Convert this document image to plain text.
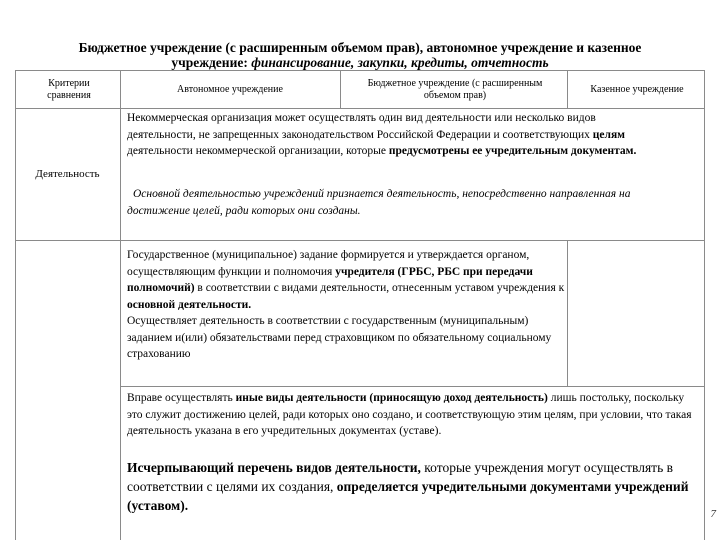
Бюджетное учреждение (с расширенным объемом прав), автономное учреждение и казенное
учреждение: финансирование, закупки, кредиты, отчетность
Критерии сравнения
Автономное учреждение
Бюджетное учреждение (с расширенным объемом прав)
Казенное учреждение
Деятельность
Некоммерческая организация может осуществлять один вид деятельности или несколько видов деятельности, не запрещенных законодательством Российской Федерации и соответствующих целям деятельности некоммерческой организации, которые предусмотрены ее учредительным документам.
Основной деятельностью учреждений признается деятельность, непосредственно направленная на достижение целей, ради которых они созданы.

Государственное (муниципальное) задание формируется и утверждается органом, осуществляющим функции и полномочия учредителя (ГРБС, РБС при передачи полномочий) в соответствии с видами деятельности, отнесенным уставом учреждения к основной деятельности.

Осуществляет деятельность в соответствии с государственным (муниципальным) заданием и(или) обязательствами перед страховщиком по обязательному социальному страхованию

Вправе осуществлять иные виды деятельности (приносящую доход деятельность) лишь постольку, поскольку это служит достижению целей, ради которых оно создано, и соответствующую этим целям, при условии, что такая деятельность указана в его учредительных документах (уставе).
Исчерпывающий перечень видов деятельности, которые учреждения могут осуществлять в соответствии с целями их создания, определяется учредительными документами учреждений (уставом).
7
